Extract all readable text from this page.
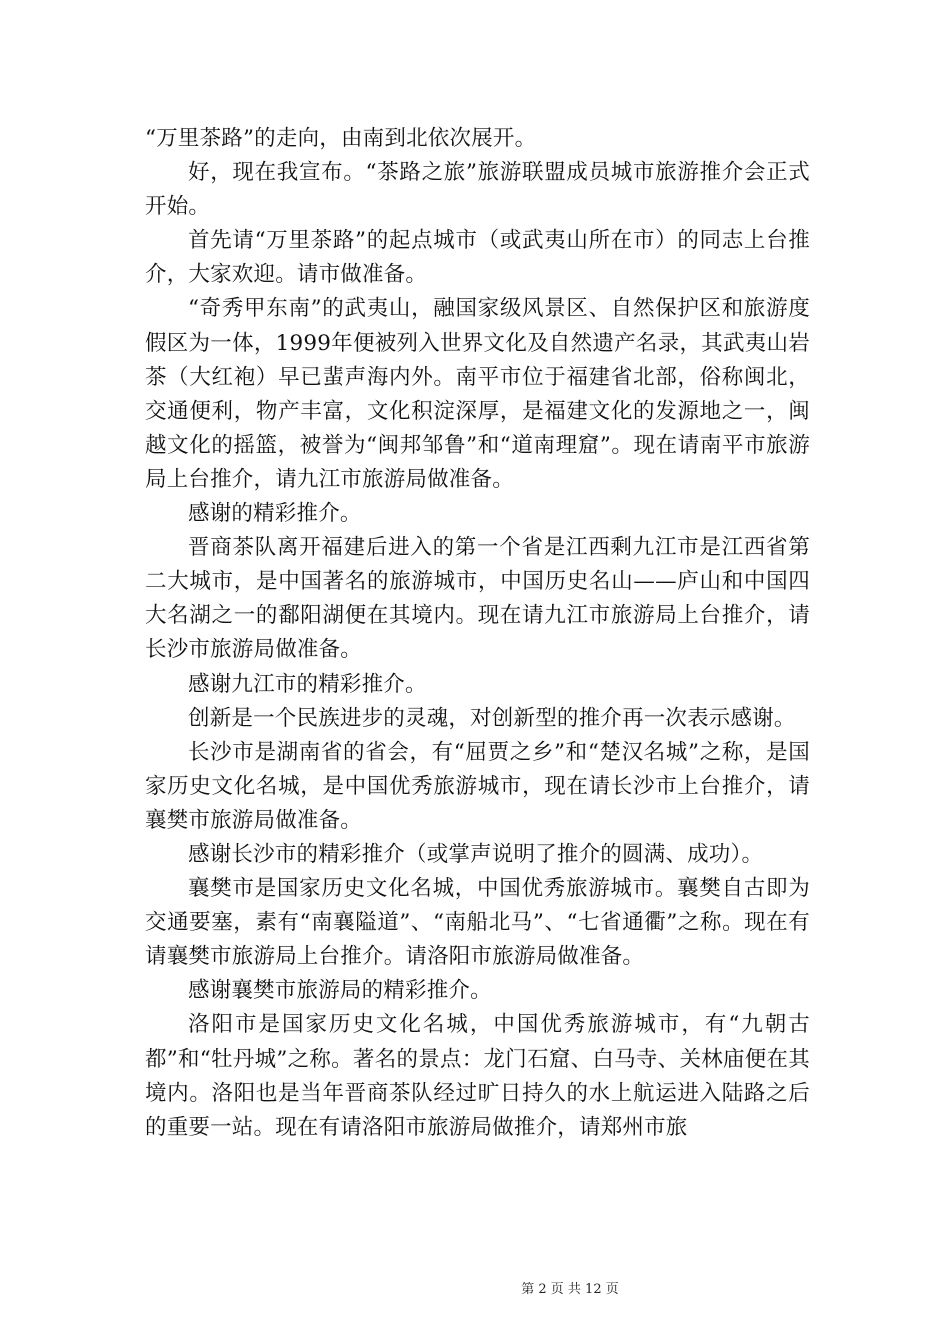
“万里茶路”的走向，由南到北依次展开。

好，现在我宣布。“茶路之旅”旅游联盟成员城市旅游推介会正式开始。

首先请“万里茶路”的起点城市（或武夷山所在市）的同志上台推介，大家欢迎。请市做准备。

“奇秀甲东南”的武夷山，融国家级风景区、自然保护区和旅游度假区为一体，1999年便被列入世界文化及自然遗产名录，其武夷山岩茶（大红袍）早已蜚声海内外。南平市位于福建省北部，俗称闽北，交通便利，物产丰富，文化积淀深厚，是福建文化的发源地之一，闽越文化的摇篮，被誉为“闽邦邹鲁”和“道南理窟”。现在请南平市旅游局上台推介，请九江市旅游局做准备。

感谢的精彩推介。

晋商茶队离开福建后进入的第一个省是江西剩九江市是江西省第二大城市，是中国著名的旅游城市，中国历史名山——庐山和中国四大名湖之一的鄱阳湖便在其境内。现在请九江市旅游局上台推介，请长沙市旅游局做准备。

感谢九江市的精彩推介。

创新是一个民族进步的灵魂，对创新型的推介再一次表示感谢。

长沙市是湖南省的省会，有“屈贾之乡”和“楚汉名城”之称，是国家历史文化名城，是中国优秀旅游城市，现在请长沙市上台推介，请襄樊市旅游局做准备。

感谢长沙市的精彩推介（或掌声说明了推介的圆满、成功）。

襄樊市是国家历史文化名城，中国优秀旅游城市。襄樊自古即为交通要塞，素有“南襄隘道”、“南船北马”、“七省通衢”之称。现在有请襄樊市旅游局上台推介。请洛阳市旅游局做准备。

感谢襄樊市旅游局的精彩推介。

洛阳市是国家历史文化名城，中国优秀旅游城市，有“九朝古都”和“牡丹城”之称。著名的景点：龙门石窟、白马寺、关林庙便在其境内。洛阳也是当年晋商茶队经过旷日持久的水上航运进入陆路之后的重要一站。现在有请洛阳市旅游局做推介，请郑州市旅

第 2 页 共 12 页
